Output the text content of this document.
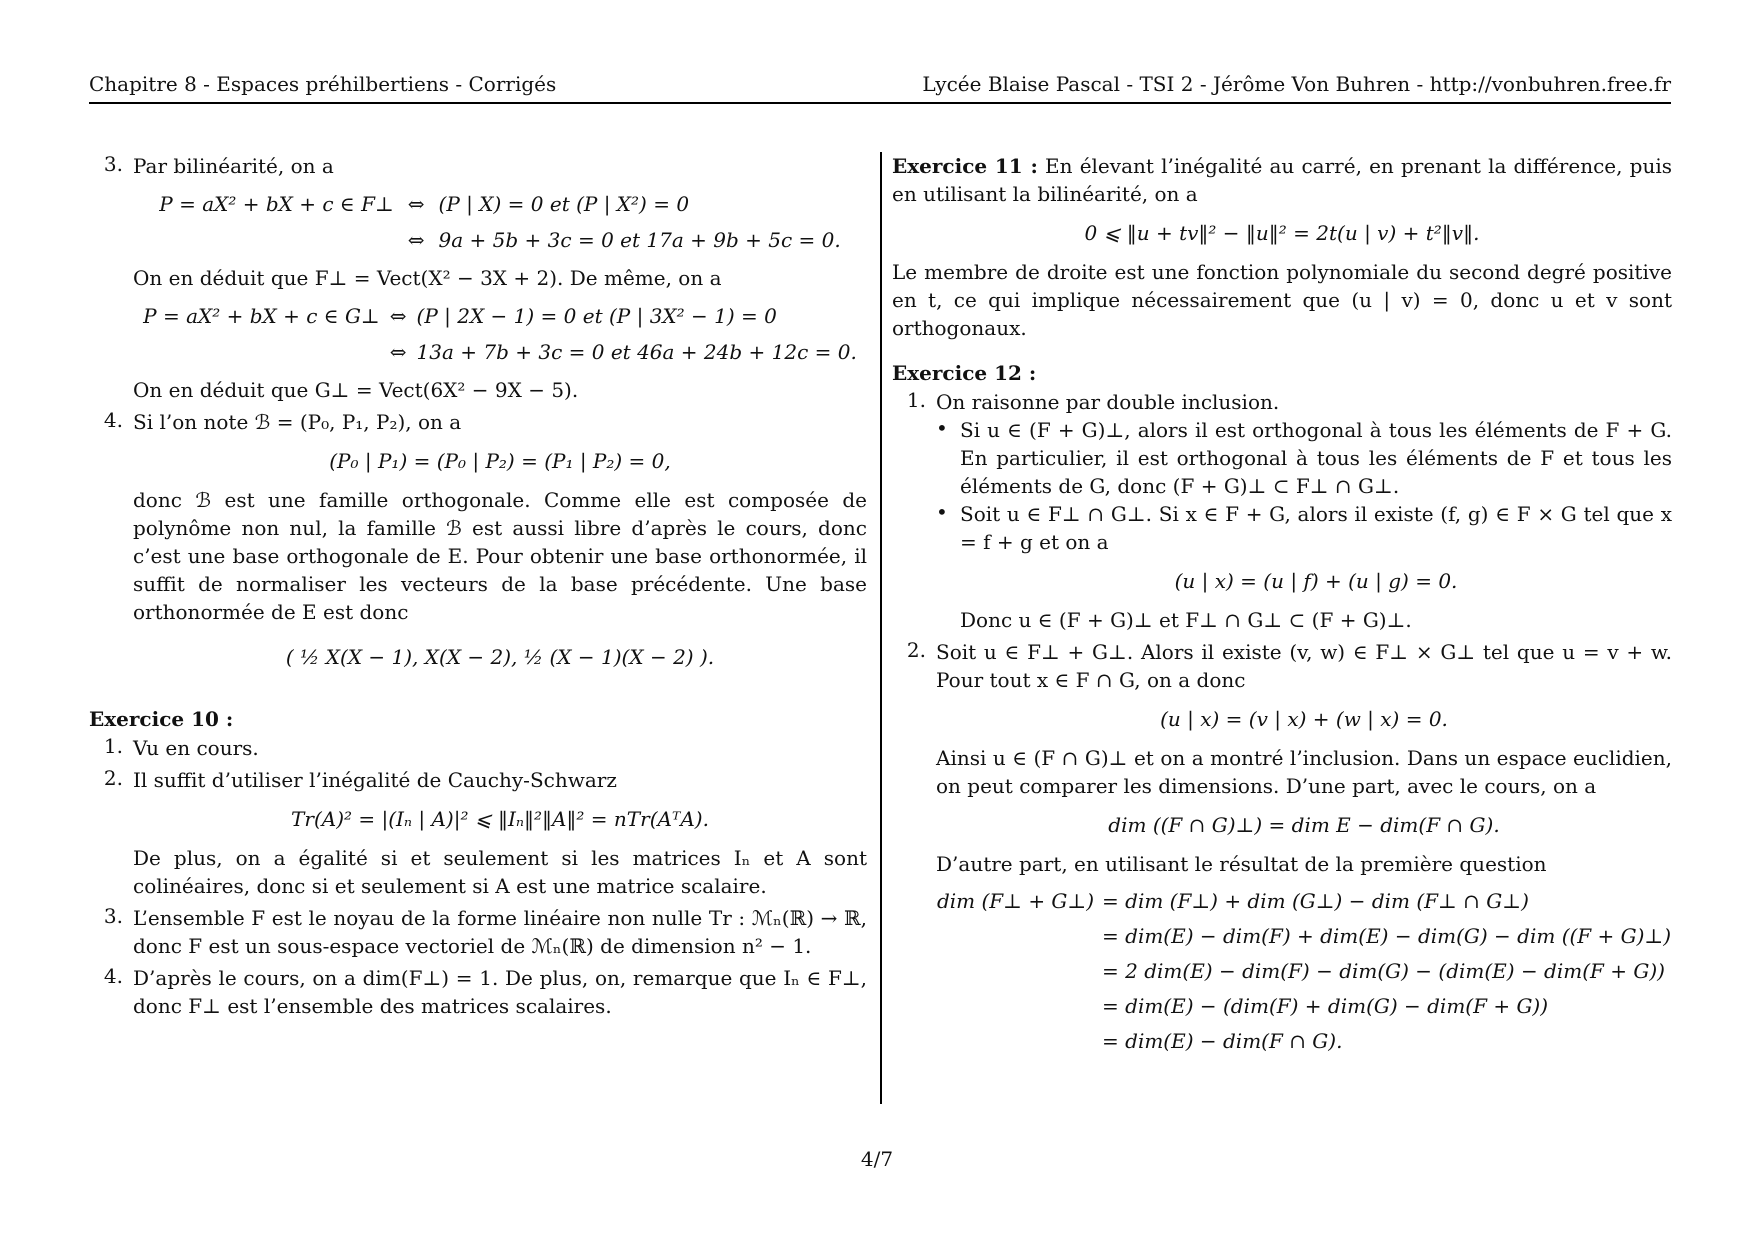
Chapitre 8 - Espaces préhilbertiens - Corrigés	Lycée Blaise Pascal - TSI 2 - Jérôme Von Buhren - http://vonbuhren.free.fr
3. Par bilinéarité, on a

P = aX² + bX + c ∈ F⊥ ⇔ (P | X) = 0 et (P | X²) = 0
⇔ 9a + 5b + 3c = 0 et 17a + 9b + 5c = 0.

On en déduit que F⊥ = Vect(X² − 3X + 2). De même, on a

P = aX² + bX + c ∈ G⊥ ⇔ (P | 2X − 1) = 0 et (P | 3X² − 1) = 0
⇔ 13a + 7b + 3c = 0 et 46a + 24b + 12c = 0.

On en déduit que G⊥ = Vect(6X² − 9X − 5).

4. Si l’on note ℬ = (P₀, P₁, P₂), on a

(P₀ | P₁) = (P₀ | P₂) = (P₁ | P₂) = 0,

donc ℬ est une famille orthogonale. Comme elle est composée de polynôme non nul, la famille ℬ est aussi libre d’après le cours, donc c’est une base orthogonale de E. Pour obtenir une base orthonormée, il suffit de normaliser les vecteurs de la base précédente. Une base orthonormée de E est donc

( ½ X(X − 1), X(X − 2), ½ (X − 1)(X − 2) ).
Exercice 10 :
1. Vu en cours.

2. Il suffit d’utiliser l’inégalité de Cauchy-Schwarz

Tr(A)² = |(Iₙ | A)|² ⩽ ‖Iₙ‖²‖A‖² = nTr(AᵀA).

De plus, on a égalité si et seulement si les matrices Iₙ et A sont colinéaires, donc si et seulement si A est une matrice scalaire.

3. L’ensemble F est le noyau de la forme linéaire non nulle Tr : ℳₙ(ℝ) → ℝ, donc F est un sous-espace vectoriel de ℳₙ(ℝ) de dimension n² − 1.

4. D’après le cours, on a dim(F⊥) = 1. De plus, on, remarque que Iₙ ∈ F⊥, donc F⊥ est l’ensemble des matrices scalaires.

Exercice 11 : En élevant l’inégalité au carré, en prenant la différence, puis en utilisant la bilinéarité, on a

0 ⩽ ‖u + tv‖² − ‖u‖² = 2t(u | v) + t²‖v‖.

Le membre de droite est une fonction polynomiale du second degré positive en t, ce qui implique nécessairement que (u | v) = 0, donc u et v sont orthogonaux.

Exercice 12 :
1. On raisonne par double inclusion.

• Si u ∈ (F + G)⊥, alors il est orthogonal à tous les éléments de F + G. En particulier, il est orthogonal à tous les éléments de F et tous les éléments de G, donc (F + G)⊥ ⊂ F⊥ ∩ G⊥.

• Soit u ∈ F⊥ ∩ G⊥. Si x ∈ F + G, alors il existe (f, g) ∈ F × G tel que x = f + g et on a

(u | x) = (u | f) + (u | g) = 0.

Donc u ∈ (F + G)⊥ et F⊥ ∩ G⊥ ⊂ (F + G)⊥.

2. Soit u ∈ F⊥ + G⊥. Alors il existe (v, w) ∈ F⊥ × G⊥ tel que u = v + w. Pour tout x ∈ F ∩ G, on a donc

(u | x) = (v | x) + (w | x) = 0.

Ainsi u ∈ (F ∩ G)⊥ et on a montré l’inclusion. Dans un espace euclidien, on peut comparer les dimensions. D’une part, avec le cours, on a

dim ((F ∩ G)⊥) = dim E − dim(F ∩ G).

D’autre part, en utilisant le résultat de la première question

dim (F⊥ + G⊥) = dim (F⊥) + dim (G⊥) − dim (F⊥ ∩ G⊥)
= dim(E) − dim(F) + dim(E) − dim(G) − dim ((F + G)⊥)
= 2 dim(E) − dim(F) − dim(G) − (dim(E) − dim(F + G))
= dim(E) − (dim(F) + dim(G) − dim(F + G))
= dim(E) − dim(F ∩ G).
4/7
